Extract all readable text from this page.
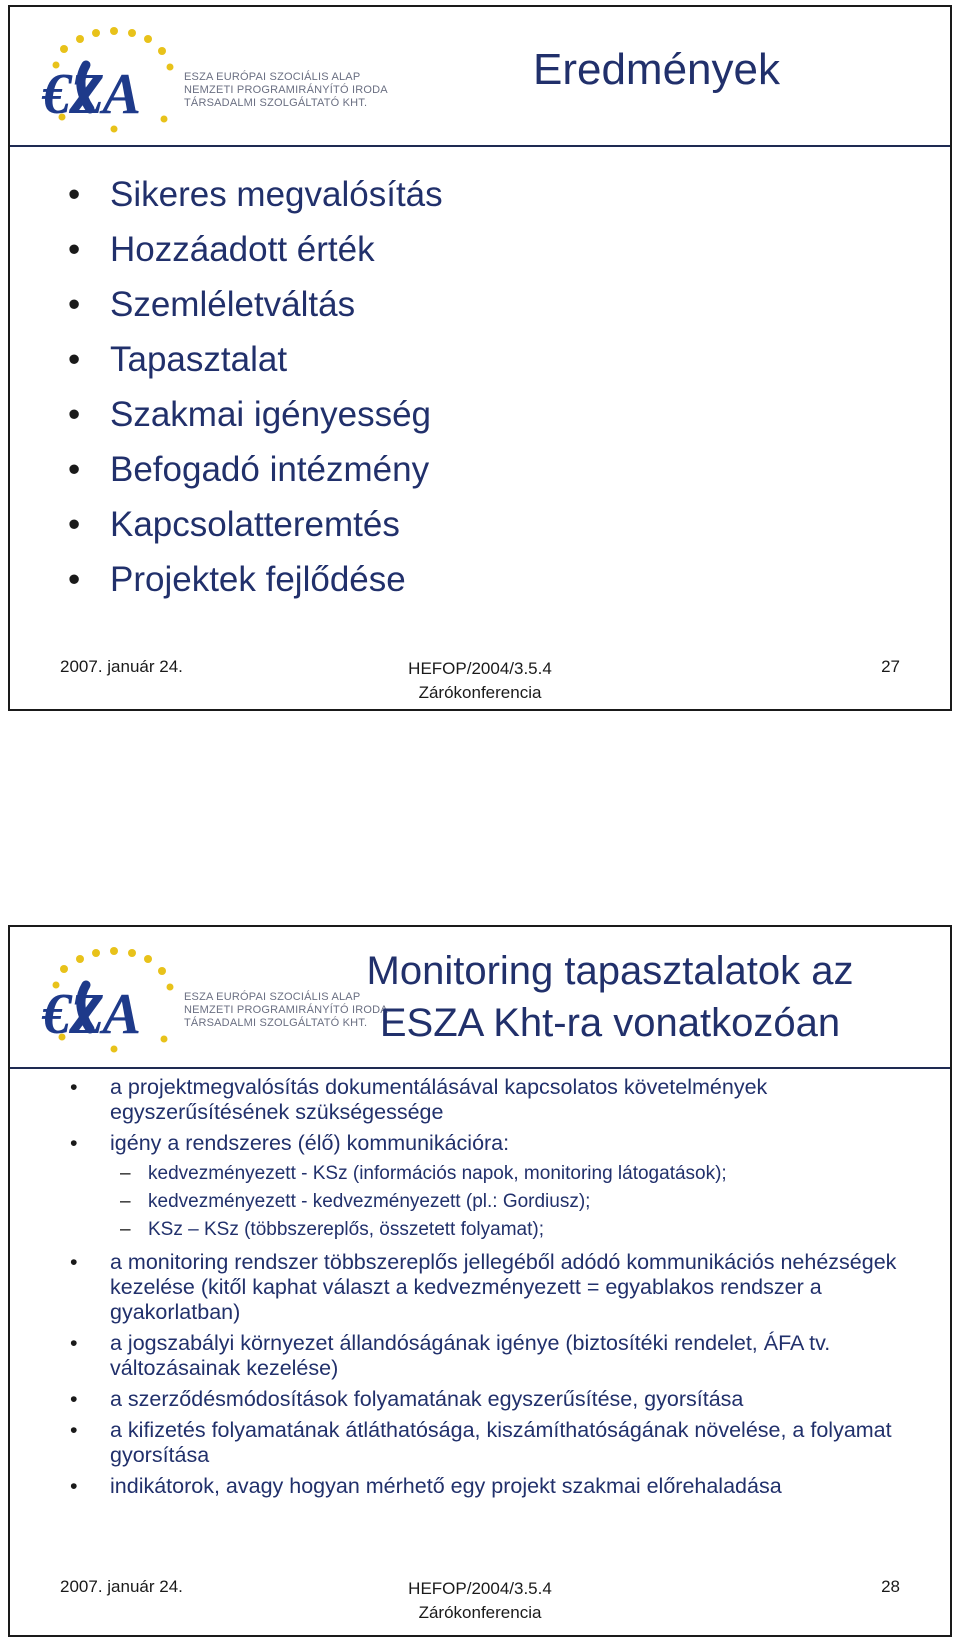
€ZA	ESZA EURÓPAI SZOCIÁLIS ALAP
NEMZETI PROGRAMIRÁNYÍTÓ IRODA
TÁRSADALMI SZOLGÁLTATÓ KHT.
Eredmények
• Sikeres megvalósítás
• Hozzáadott érték
• Szemléletváltás
• Tapasztalat
• Szakmai igényesség
• Befogadó intézmény
• Kapcsolatteremtés
• Projektek fejlődése
2007. január 24.	HEFOP/2004/3.5.4
Zárókonferencia
27
€ZA	ESZA EURÓPAI SZOCIÁLIS ALAP
NEMZETI PROGRAMIRÁNYÍTÓ IRODA
TÁRSADALMI SZOLGÁLTATÓ KHT.
Monitoring tapasztalatok az
ESZA Kht-ra vonatkozóan
• a projektmegvalósítás dokumentálásával kapcsolatos követelmények egyszerűsítésének szükségessége
• igény a rendszeres (élő) kommunikációra:
– kedvezményezett - KSz (információs napok, monitoring látogatások);
– kedvezményezett - kedvezményezett (pl.: Gordiusz);
– KSz – KSz (többszereplős, összetett folyamat);
• a monitoring rendszer többszereplős jellegéből adódó kommunikációs nehézségek kezelése (kitől kaphat választ a kedvezményezett = egyablakos rendszer a gyakorlatban)
• a jogszabályi környezet állandóságának igénye (biztosítéki rendelet, ÁFA tv. változásainak kezelése)
• a szerződésmódosítások folyamatának egyszerűsítése, gyorsítása
• a kifizetés folyamatának átláthatósága, kiszámíthatóságának növelése, a folyamat gyorsítása
• indikátorok, avagy hogyan mérhető egy projekt szakmai előrehaladása
2007. január 24.	HEFOP/2004/3.5.4
Zárókonferencia
28
